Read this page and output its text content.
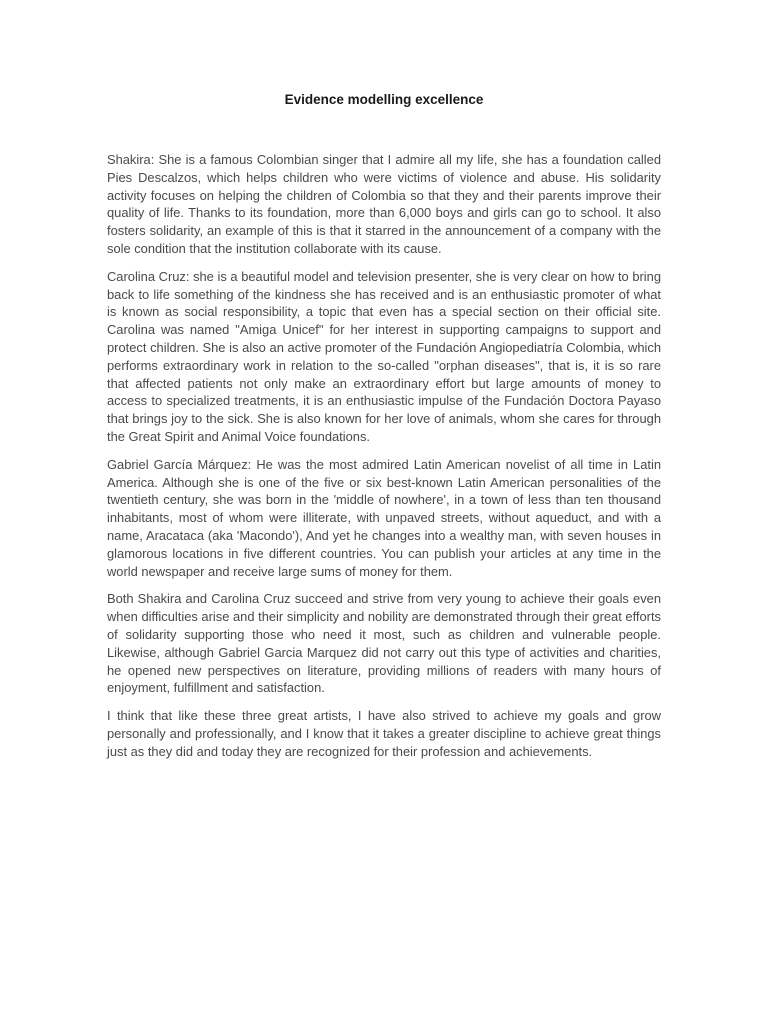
Evidence modelling excellence

Shakira: She is a famous Colombian singer that I admire all my life, she has a foundation called Pies Descalzos, which helps children who were victims of violence and abuse. His solidarity activity focuses on helping the children of Colombia so that they and their parents improve their quality of life. Thanks to its foundation, more than 6,000 boys and girls can go to school. It also fosters solidarity, an example of this is that it starred in the announcement of a company with the sole condition that the institution collaborate with its cause.

Carolina Cruz: she is a beautiful model and television presenter, she is very clear on how to bring back to life something of the kindness she has received and is an enthusiastic promoter of what is known as social responsibility, a topic that even has a special section on their official site. Carolina was named "Amiga Unicef" for her interest in supporting campaigns to support and protect children. She is also an active promoter of the Fundación Angiopediatría Colombia, which performs extraordinary work in relation to the so-called "orphan diseases", that is, it is so rare that affected patients not only make an extraordinary effort but large amounts of money to access to specialized treatments, it is an enthusiastic impulse of the Fundación Doctora Payaso that brings joy to the sick. She is also known for her love of animals, whom she cares for through the Great Spirit and Animal Voice foundations.

Gabriel García Márquez: He was the most admired Latin American novelist of all time in Latin America. Although she is one of the five or six best-known Latin American personalities of the twentieth century, she was born in the 'middle of nowhere', in a town of less than ten thousand inhabitants, most of whom were illiterate, with unpaved streets, without aqueduct, and with a name, Aracataca (aka 'Macondo'), And yet he changes into a wealthy man, with seven houses in glamorous locations in five different countries. You can publish your articles at any time in the world newspaper and receive large sums of money for them.

Both Shakira and Carolina Cruz succeed and strive from very young to achieve their goals even when difficulties arise and their simplicity and nobility are demonstrated through their great efforts of solidarity supporting those who need it most, such as children and vulnerable people. Likewise, although Gabriel Garcia Marquez did not carry out this type of activities and charities, he opened new perspectives on literature, providing millions of readers with many hours of enjoyment, fulfillment and satisfaction.

I think that like these three great artists, I have also strived to achieve my goals and grow personally and professionally, and I know that it takes a greater discipline to achieve great things just as they did and today they are recognized for their profession and achievements.
